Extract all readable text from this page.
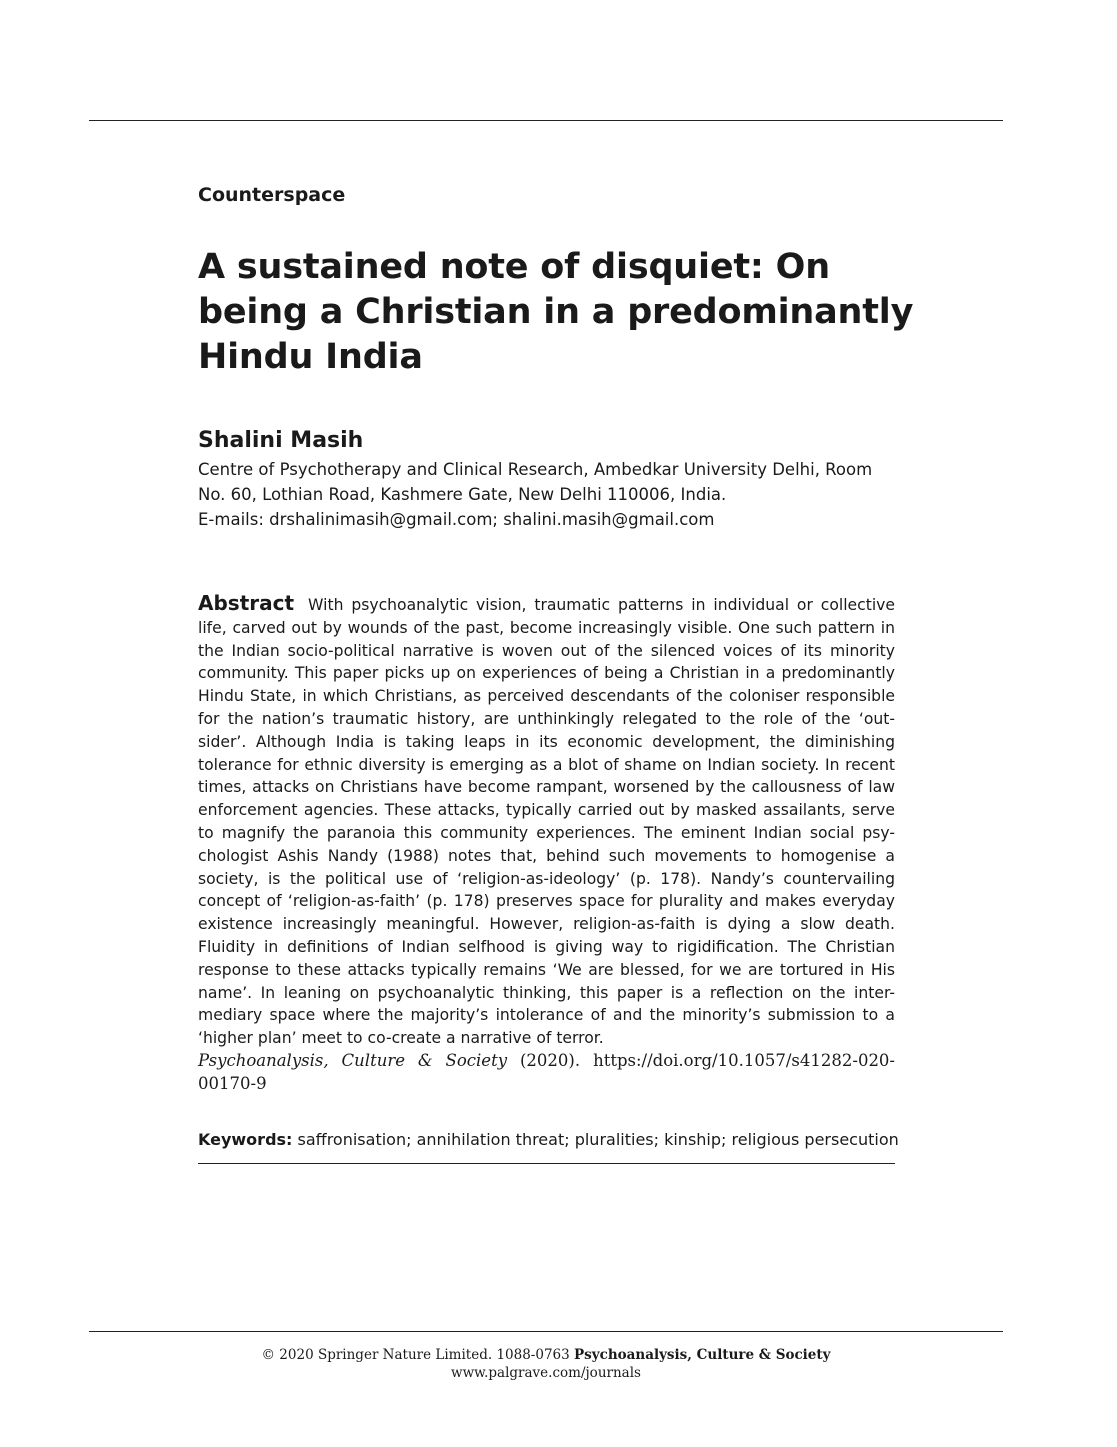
Counterspace
A sustained note of disquiet: On being a Christian in a predominantly Hindu India
Shalini Masih
Centre of Psychotherapy and Clinical Research, Ambedkar University Delhi, Room
No. 60, Lothian Road, Kashmere Gate, New Delhi 110006, India.
E-mails: drshalinimasih@gmail.com; shalini.masih@gmail.com

Abstract With psychoanalytic vision, traumatic patterns in individual or collective life, carved out by wounds of the past, become increasingly visible. One such pattern in the Indian socio-political narrative is woven out of the silenced voices of its minority community. This paper picks up on experiences of being a Christian in a predominantly Hindu State, in which Christians, as perceived descendants of the coloniser responsible for the nation’s traumatic history, are unthinkingly relegated to the role of the ‘out-sider’. Although India is taking leaps in its economic development, the diminishing tolerance for ethnic diversity is emerging as a blot of shame on Indian society. In recent times, attacks on Christians have become rampant, worsened by the callousness of law enforcement agencies. These attacks, typically carried out by masked assailants, serve to magnify the paranoia this community experiences. The eminent Indian social psy-chologist Ashis Nandy (1988) notes that, behind such movements to homogenise a society, is the political use of ‘religion-as-ideology’ (p. 178). Nandy’s countervailing concept of ‘religion-as-faith’ (p. 178) preserves space for plurality and makes everyday existence increasingly meaningful. However, religion-as-faith is dying a slow death. Fluidity in definitions of Indian selfhood is giving way to rigidification. The Christian response to these attacks typically remains ‘We are blessed, for we are tortured in His name’. In leaning on psychoanalytic thinking, this paper is a reflection on the inter-mediary space where the majority’s intolerance of and the minority’s submission to a ‘higher plan’ meet to co-create a narrative of terror.

Psychoanalysis, Culture & Society (2020). https://doi.org/10.1057/s41282-020-00170-9
Keywords: saffronisation; annihilation threat; pluralities; kinship; religious persecution
© 2020 Springer Nature Limited. 1088-0763 Psychoanalysis, Culture & Society
www.palgrave.com/journals
